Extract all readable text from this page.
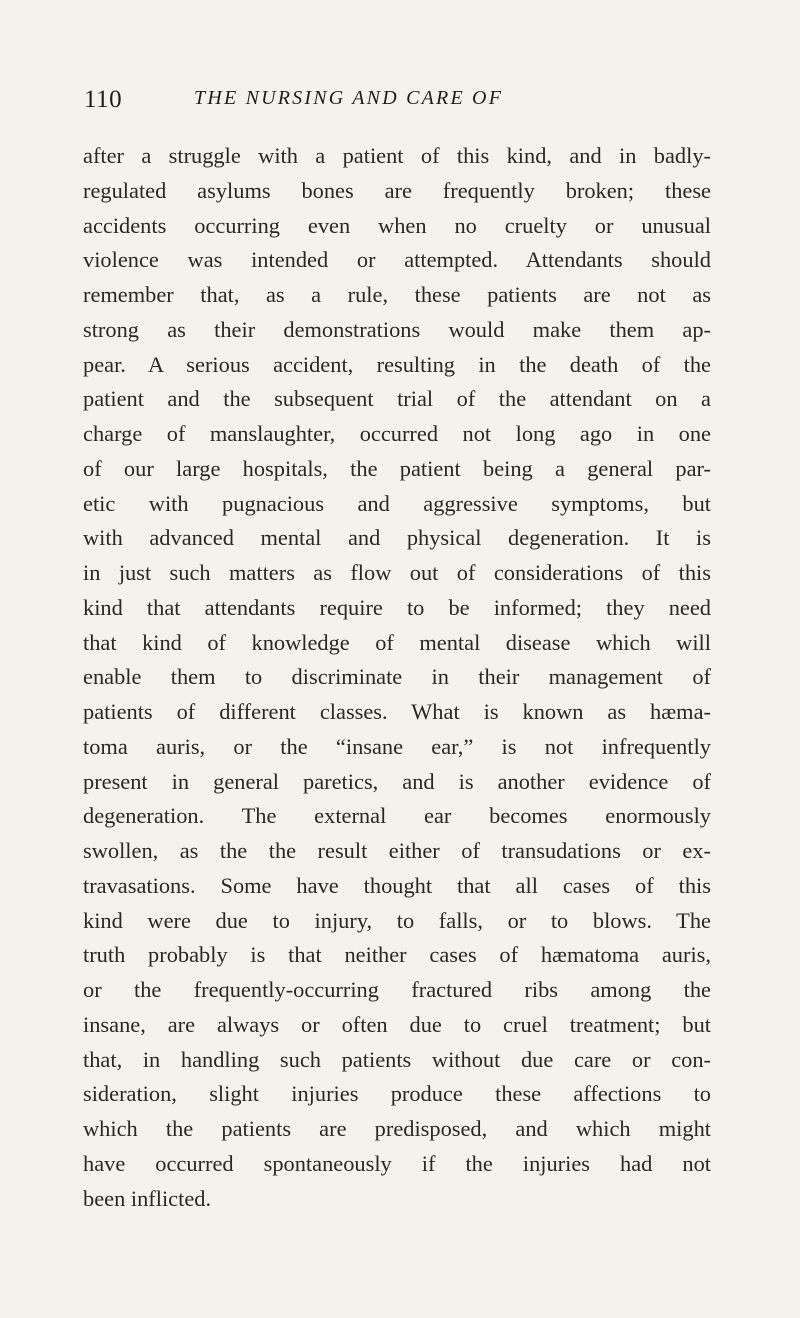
110	THE NURSING AND CARE OF

after a struggle with a patient of this kind, and in badly-
regulated asylums bones are frequently broken; these
accidents occurring even when no cruelty or unusual
violence was intended or attempted. Attendants should
remember that, as a rule, these patients are not as
strong as their demonstrations would make them ap-
pear. A serious accident, resulting in the death of the
patient and the subsequent trial of the attendant on a
charge of manslaughter, occurred not long ago in one
of our large hospitals, the patient being a general par-
etic with pugnacious and aggressive symptoms, but
with advanced mental and physical degeneration. It is
in just such matters as flow out of considerations of this
kind that attendants require to be informed; they need
that kind of knowledge of mental disease which will
enable them to discriminate in their management of
patients of different classes. What is known as hæma-
toma auris, or the “insane ear,” is not infrequently
present in general paretics, and is another evidence of
degeneration. The external ear becomes enormously
swollen, as the the result either of transudations or ex-
travasations. Some have thought that all cases of this
kind were due to injury, to falls, or to blows. The
truth probably is that neither cases of hæmatoma auris,
or the frequently-occurring fractured ribs among the
insane, are always or often due to cruel treatment; but
that, in handling such patients without due care or con-
sideration, slight injuries produce these affections to
which the patients are predisposed, and which might
have occurred spontaneously if the injuries had not
been inflicted.
